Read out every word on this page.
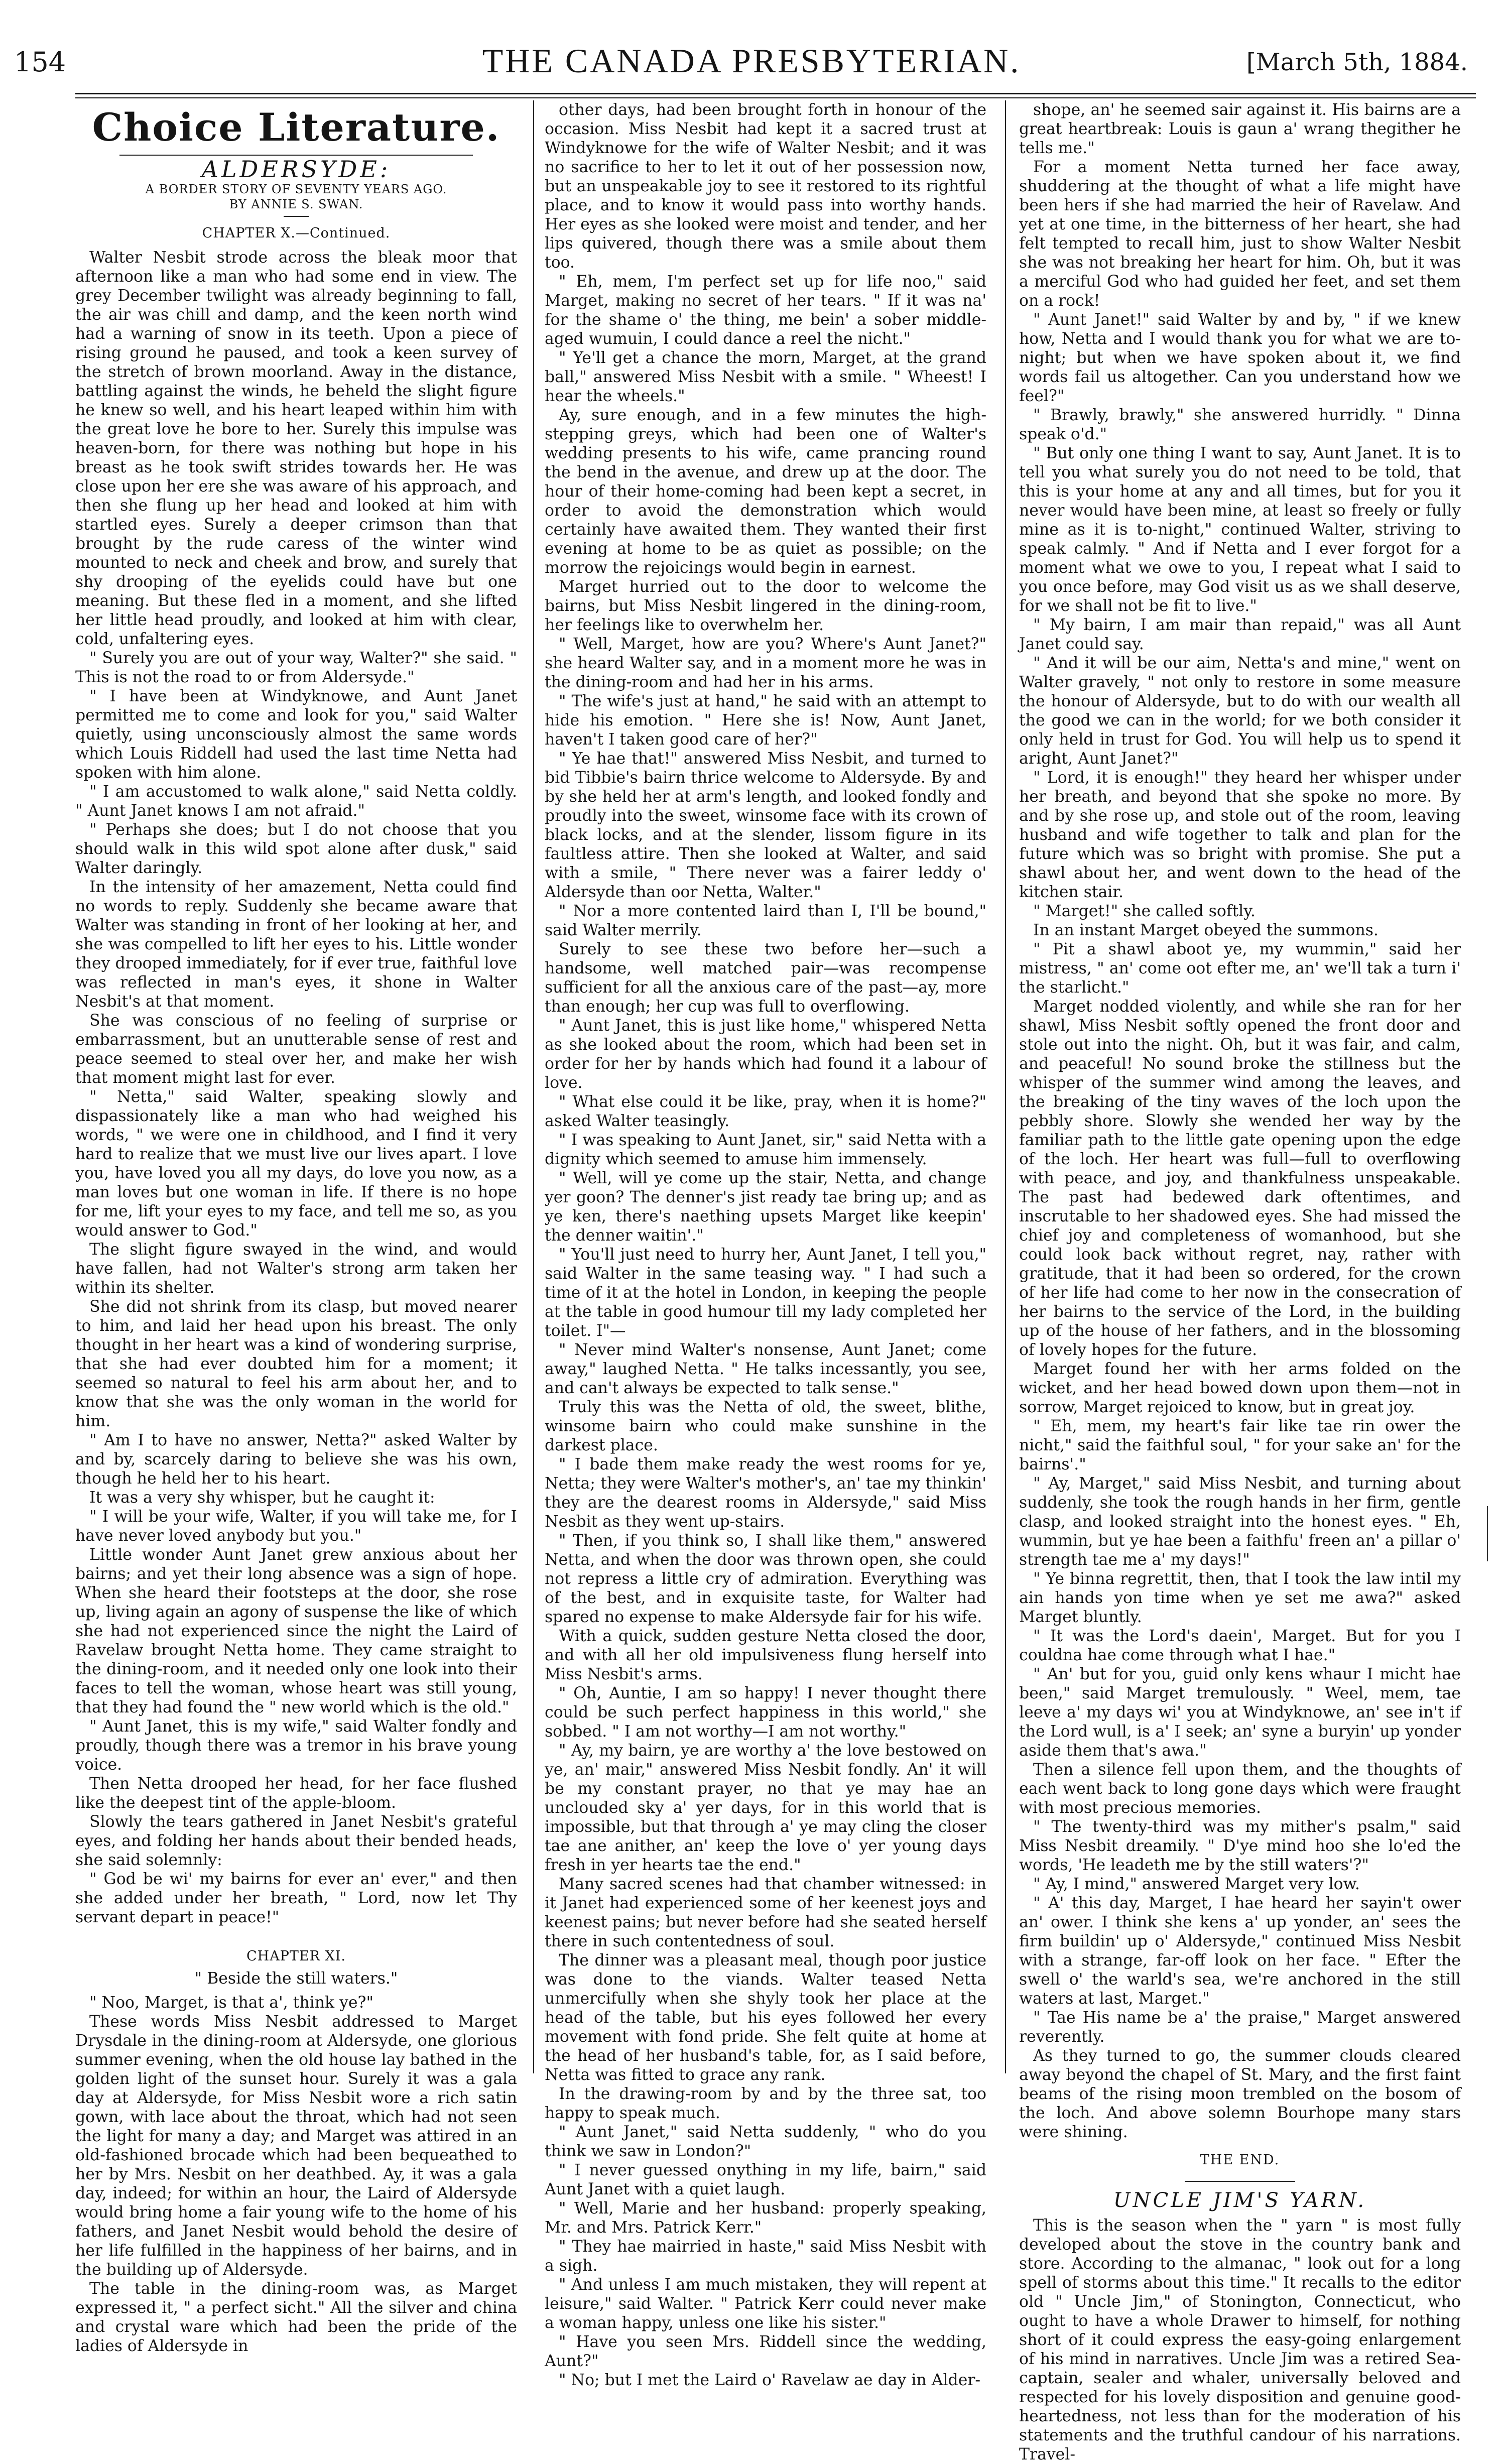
154	THE CANADA PRESBYTERIAN.	[March 5th, 1884.
Choice Literature.
ALDERSYDE:
A BORDER STORY OF SEVENTY YEARS AGO.
BY ANNIE S. SWAN.
CHAPTER X.—Continued.

Walter Nesbit strode across the bleak moor that afternoon like a man who had some end in view. The grey December twilight was already beginning to fall, the air was chill and damp, and the keen north wind had a warning of snow in its teeth. Upon a piece of rising ground he paused, and took a keen survey of the stretch of brown moorland. Away in the distance, battling against the winds, he beheld the slight figure he knew so well, and his heart leaped within him with the great love he bore to her. Surely this impulse was heaven-born, for there was nothing but hope in his breast as he took swift strides towards her. He was close upon her ere she was aware of his approach, and then she flung up her head and looked at him with startled eyes. Surely a deeper crimson than that brought by the rude caress of the winter wind mounted to neck and cheek and brow, and surely that shy drooping of the eyelids could have but one meaning. But these fled in a moment, and she lifted her little head proudly, and looked at him with clear, cold, unfaltering eyes.

" Surely you are out of your way, Walter?" she said. " This is not the road to or from Aldersyde."

" I have been at Windyknowe, and Aunt Janet permitted me to come and look for you," said Walter quietly, using unconsciously almost the same words which Louis Riddell had used the last time Netta had spoken with him alone.

" I am accustomed to walk alone," said Netta coldly. " Aunt Janet knows I am not afraid."

" Perhaps she does; but I do not choose that you should walk in this wild spot alone after dusk," said Walter daringly.

In the intensity of her amazement, Netta could find no words to reply. Suddenly she became aware that Walter was standing in front of her looking at her, and she was compelled to lift her eyes to his. Little wonder they drooped immediately, for if ever true, faithful love was reflected in man's eyes, it shone in Walter Nesbit's at that moment.

She was conscious of no feeling of surprise or embarrassment, but an unutterable sense of rest and peace seemed to steal over her, and make her wish that moment might last for ever.

" Netta," said Walter, speaking slowly and dispassionately like a man who had weighed his words, " we were one in childhood, and I find it very hard to realize that we must live our lives apart. I love you, have loved you all my days, do love you now, as a man loves but one woman in life. If there is no hope for me, lift your eyes to my face, and tell me so, as you would answer to God."

The slight figure swayed in the wind, and would have fallen, had not Walter's strong arm taken her within its shelter.

She did not shrink from its clasp, but moved nearer to him, and laid her head upon his breast. The only thought in her heart was a kind of wondering surprise, that she had ever doubted him for a moment; it seemed so natural to feel his arm about her, and to know that she was the only woman in the world for him.

" Am I to have no answer, Netta?" asked Walter by and by, scarcely daring to believe she was his own, though he held her to his heart.

It was a very shy whisper, but he caught it:

" I will be your wife, Walter, if you will take me, for I have never loved anybody but you."

Little wonder Aunt Janet grew anxious about her bairns; and yet their long absence was a sign of hope. When she heard their footsteps at the door, she rose up, living again an agony of suspense the like of which she had not experienced since the night the Laird of Ravelaw brought Netta home. They came straight to the dining-room, and it needed only one look into their faces to tell the woman, whose heart was still young, that they had found the " new world which is the old."

" Aunt Janet, this is my wife," said Walter fondly and proudly, though there was a tremor in his brave young voice.

Then Netta drooped her head, for her face flushed like the deepest tint of the apple-bloom.

Slowly the tears gathered in Janet Nesbit's grateful eyes, and folding her hands about their bended heads, she said solemnly:

" God be wi' my bairns for ever an' ever," and then she added under her breath, " Lord, now let Thy servant depart in peace!"

CHAPTER XI.
" Beside the still waters."

" Noo, Marget, is that a', think ye?"

These words Miss Nesbit addressed to Marget Drysdale in the dining-room at Aldersyde, one glorious summer evening, when the old house lay bathed in the golden light of the sunset hour. Surely it was a gala day at Aldersyde, for Miss Nesbit wore a rich satin gown, with lace about the throat, which had not seen the light for many a day; and Marget was attired in an old-fashioned brocade which had been bequeathed to her by Mrs. Nesbit on her deathbed. Ay, it was a gala day, indeed; for within an hour, the Laird of Aldersyde would bring home a fair young wife to the home of his fathers, and Janet Nesbit would behold the desire of her life fulfilled in the happiness of her bairns, and in the building up of Aldersyde.

The table in the dining-room was, as Marget expressed it, " a perfect sicht." All the silver and china and crystal ware which had been the pride of the ladies of Aldersyde in

other days, had been brought forth in honour of the occasion. Miss Nesbit had kept it a sacred trust at Windyknowe for the wife of Walter Nesbit; and it was no sacrifice to her to let it out of her possession now, but an unspeakable joy to see it restored to its rightful place, and to know it would pass into worthy hands. Her eyes as she looked were moist and tender, and her lips quivered, though there was a smile about them too.

" Eh, mem, I'm perfect set up for life noo," said Marget, making no secret of her tears. " If it was na' for the shame o' the thing, me bein' a sober middle-aged wumuin, I could dance a reel the nicht."

" Ye'll get a chance the morn, Marget, at the grand ball," answered Miss Nesbit with a smile. " Wheest! I hear the wheels."

Ay, sure enough, and in a few minutes the high-stepping greys, which had been one of Walter's wedding presents to his wife, came prancing round the bend in the avenue, and drew up at the door. The hour of their home-coming had been kept a secret, in order to avoid the demonstration which would certainly have awaited them. They wanted their first evening at home to be as quiet as possible; on the morrow the rejoicings would begin in earnest.

Marget hurried out to the door to welcome the bairns, but Miss Nesbit lingered in the dining-room, her feelings like to overwhelm her.

" Well, Marget, how are you? Where's Aunt Janet?" she heard Walter say, and in a moment more he was in the dining-room and had her in his arms.

" The wife's just at hand," he said with an attempt to hide his emotion. " Here she is! Now, Aunt Janet, haven't I taken good care of her?"

" Ye hae that!" answered Miss Nesbit, and turned to bid Tibbie's bairn thrice welcome to Aldersyde. By and by she held her at arm's length, and looked fondly and proudly into the sweet, winsome face with its crown of black locks, and at the slender, lissom figure in its faultless attire. Then she looked at Walter, and said with a smile, " There never was a fairer leddy o' Aldersyde than oor Netta, Walter."

" Nor a more contented laird than I, I'll be bound," said Walter merrily.

Surely to see these two before her—such a handsome, well matched pair—was recompense sufficient for all the anxious care of the past—ay, more than enough; her cup was full to overflowing.

" Aunt Janet, this is just like home," whispered Netta as she looked about the room, which had been set in order for her by hands which had found it a labour of love.

" What else could it be like, pray, when it is home?" asked Walter teasingly.

" I was speaking to Aunt Janet, sir," said Netta with a dignity which seemed to amuse him immensely.

" Well, will ye come up the stair, Netta, and change yer goon? The denner's jist ready tae bring up; and as ye ken, there's naething upsets Marget like keepin' the denner waitin'."

" You'll just need to hurry her, Aunt Janet, I tell you," said Walter in the same teasing way. " I had such a time of it at the hotel in London, in keeping the people at the table in good humour till my lady completed her toilet. I"—

" Never mind Walter's nonsense, Aunt Janet; come away," laughed Netta. " He talks incessantly, you see, and can't always be expected to talk sense."

Truly this was the Netta of old, the sweet, blithe, winsome bairn who could make sunshine in the darkest place.

" I bade them make ready the west rooms for ye, Netta; they were Walter's mother's, an' tae my thinkin' they are the dearest rooms in Aldersyde," said Miss Nesbit as they went up-stairs.

" Then, if you think so, I shall like them," answered Netta, and when the door was thrown open, she could not repress a little cry of admiration. Everything was of the best, and in exquisite taste, for Walter had spared no expense to make Aldersyde fair for his wife.

With a quick, sudden gesture Netta closed the door, and with all her old impulsiveness flung herself into Miss Nesbit's arms.

" Oh, Auntie, I am so happy! I never thought there could be such perfect happiness in this world," she sobbed. " I am not worthy—I am not worthy."

" Ay, my bairn, ye are worthy a' the love bestowed on ye, an' mair," answered Miss Nesbit fondly. An' it will be my constant prayer, no that ye may hae an unclouded sky a' yer days, for in this world that is impossible, but that through a' ye may cling the closer tae ane anither, an' keep the love o' yer young days fresh in yer hearts tae the end."

Many sacred scenes had that chamber witnessed: in it Janet had experienced some of her keenest joys and keenest pains; but never before had she seated herself there in such contentedness of soul.

The dinner was a pleasant meal, though poor justice was done to the viands. Walter teased Netta unmercifully when she shyly took her place at the head of the table, but his eyes followed her every movement with fond pride. She felt quite at home at the head of her husband's table, for, as I said before, Netta was fitted to grace any rank.

In the drawing-room by and by the three sat, too happy to speak much.

" Aunt Janet," said Netta suddenly, " who do you think we saw in London?"

" I never guessed onything in my life, bairn," said Aunt Janet with a quiet laugh.

" Well, Marie and her husband: properly speaking, Mr. and Mrs. Patrick Kerr."

" They hae mairried in haste," said Miss Nesbit with a sigh.

" And unless I am much mistaken, they will repent at leisure," said Walter. " Patrick Kerr could never make a woman happy, unless one like his sister."

" Have you seen Mrs. Riddell since the wedding, Aunt?"

" No; but I met the Laird o' Ravelaw ae day in Alder-

shope, an' he seemed sair against it. His bairns are a great heartbreak: Louis is gaun a' wrang thegither he tells me."

For a moment Netta turned her face away, shuddering at the thought of what a life might have been hers if she had married the heir of Ravelaw. And yet at one time, in the bitterness of her heart, she had felt tempted to recall him, just to show Walter Nesbit she was not breaking her heart for him. Oh, but it was a merciful God who had guided her feet, and set them on a rock!

" Aunt Janet!" said Walter by and by, " if we knew how, Netta and I would thank you for what we are to-night; but when we have spoken about it, we find words fail us altogether. Can you understand how we feel?"

" Brawly, brawly," she answered hurridly. " Dinna speak o'd."

" But only one thing I want to say, Aunt Janet. It is to tell you what surely you do not need to be told, that this is your home at any and all times, but for you it never would have been mine, at least so freely or fully mine as it is to-night," continued Walter, striving to speak calmly. " And if Netta and I ever forgot for a moment what we owe to you, I repeat what I said to you once before, may God visit us as we shall deserve, for we shall not be fit to live."

" My bairn, I am mair than repaid," was all Aunt Janet could say.

" And it will be our aim, Netta's and mine," went on Walter gravely, " not only to restore in some measure the honour of Aldersyde, but to do with our wealth all the good we can in the world; for we both consider it only held in trust for God. You will help us to spend it aright, Aunt Janet?"

" Lord, it is enough!" they heard her whisper under her breath, and beyond that she spoke no more. By and by she rose up, and stole out of the room, leaving husband and wife together to talk and plan for the future which was so bright with promise. She put a shawl about her, and went down to the head of the kitchen stair.

" Marget!" she called softly.

In an instant Marget obeyed the summons.

" Pit a shawl aboot ye, my wummin," said her mistress, " an' come oot efter me, an' we'll tak a turn i' the starlicht."

Marget nodded violently, and while she ran for her shawl, Miss Nesbit softly opened the front door and stole out into the night. Oh, but it was fair, and calm, and peaceful! No sound broke the stillness but the whisper of the summer wind among the leaves, and the breaking of the tiny waves of the loch upon the pebbly shore. Slowly she wended her way by the familiar path to the little gate opening upon the edge of the loch. Her heart was full—full to overflowing with peace, and joy, and thankfulness unspeakable. The past had bedewed dark oftentimes, and inscrutable to her shadowed eyes. She had missed the chief joy and completeness of womanhood, but she could look back without regret, nay, rather with gratitude, that it had been so ordered, for the crown of her life had come to her now in the consecration of her bairns to the service of the Lord, in the building up of the house of her fathers, and in the blossoming of lovely hopes for the future.

Marget found her with her arms folded on the wicket, and her head bowed down upon them—not in sorrow, Marget rejoiced to know, but in great joy.

" Eh, mem, my heart's fair like tae rin ower the nicht," said the faithful soul, " for your sake an' for the bairns'."

" Ay, Marget," said Miss Nesbit, and turning about suddenly, she took the rough hands in her firm, gentle clasp, and looked straight into the honest eyes. " Eh, wummin, but ye hae been a faithfu' freen an' a pillar o' strength tae me a' my days!"

" Ye binna regrettit, then, that I took the law intil my ain hands yon time when ye set me awa?" asked Marget bluntly.

" It was the Lord's daein', Marget. But for you I couldna hae come through what I hae."

" An' but for you, guid only kens whaur I micht hae been," said Marget tremulously. " Weel, mem, tae leeve a' my days wi' you at Windyknowe, an' see in't if the Lord wull, is a' I seek; an' syne a buryin' up yonder aside them that's awa."

Then a silence fell upon them, and the thoughts of each went back to long gone days which were fraught with most precious memories.

" The twenty-third was my mither's psalm," said Miss Nesbit dreamily. " D'ye mind hoo she lo'ed the words, 'He leadeth me by the still waters'?"

" Ay, I mind," answered Marget very low.

" A' this day, Marget, I hae heard her sayin't ower an' ower. I think she kens a' up yonder, an' sees the firm buildin' up o' Aldersyde," continued Miss Nesbit with a strange, far-off look on her face. " Efter the swell o' the warld's sea, we're anchored in the still waters at last, Marget."

" Tae His name be a' the praise," Marget answered reverently.

As they turned to go, the summer clouds cleared away beyond the chapel of St. Mary, and the first faint beams of the rising moon trembled on the bosom of the loch. And above solemn Bourhope many stars were shining.

THE END.
UNCLE JIM'S YARN.

This is the season when the " yarn " is most fully developed about the stove in the country bank and store. According to the almanac, " look out for a long spell of storms about this time." It recalls to the editor old " Uncle Jim," of Stonington, Connecticut, who ought to have a whole Drawer to himself, for nothing short of it could express the easy-going enlargement of his mind in narratives. Uncle Jim was a retired Sea-captain, sealer and whaler, universally beloved and respected for his lovely disposition and genuine good-heartedness, not less than for the moderation of his statements and the truthful candour of his narrations. Travel-
